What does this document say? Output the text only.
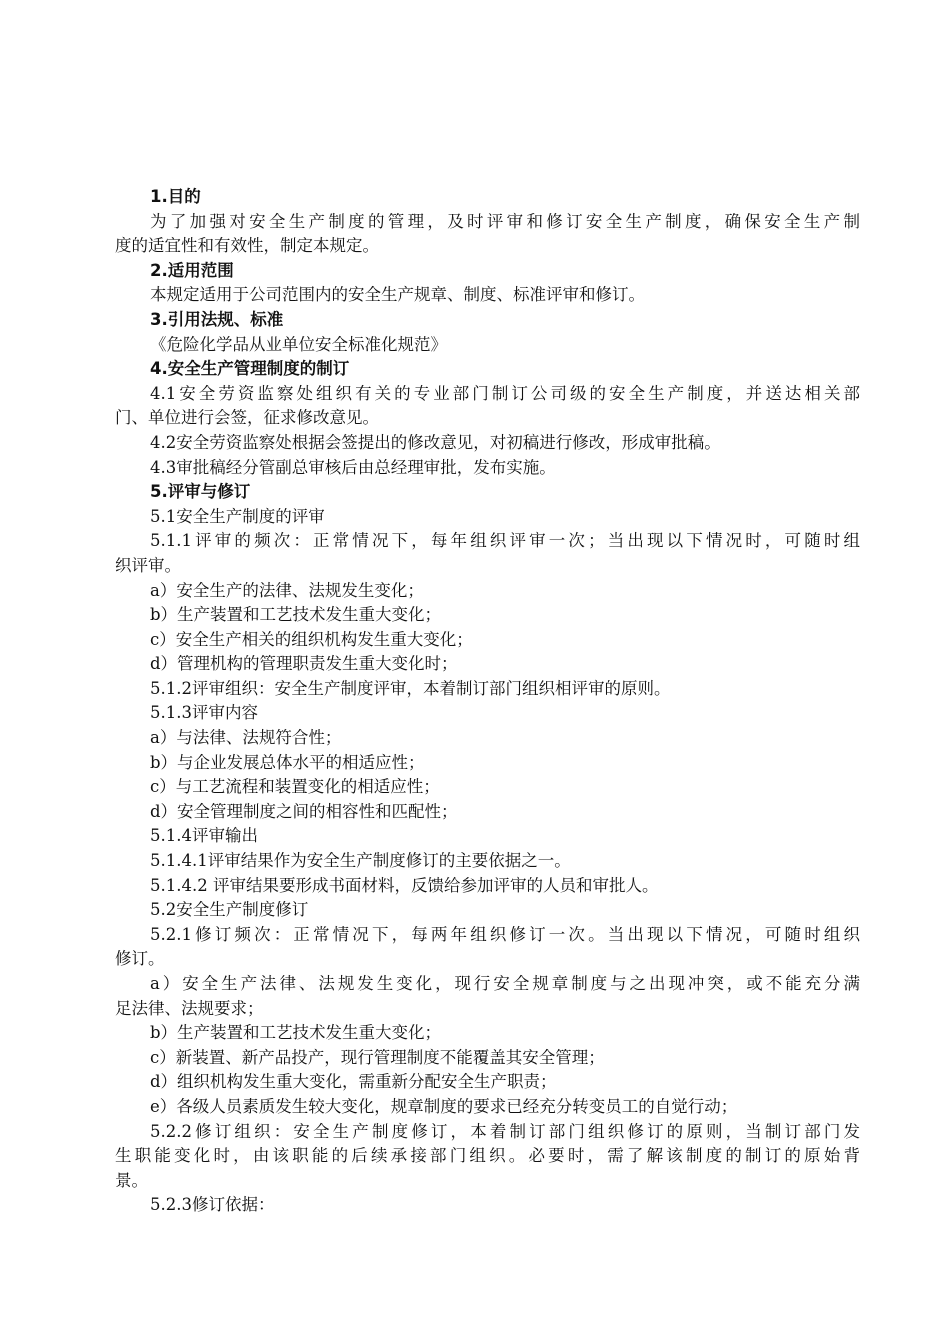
1.目的
为了加强对安全生产制度的管理，及时评审和修订安全生产制度，确保安全生产制
度的适宜性和有效性，制定本规定。
2.适用范围
本规定适用于公司范围内的安全生产规章、制度、标准评审和修订。
3.引用法规、标准
《危险化学品从业单位安全标准化规范》
4.安全生产管理制度的制订
4.1安全劳资监察处组织有关的专业部门制订公司级的安全生产制度，并送达相关部
门、单位进行会签，征求修改意见。
4.2安全劳资监察处根据会签提出的修改意见，对初稿进行修改，形成审批稿。
4.3审批稿经分管副总审核后由总经理审批，发布实施。
5.评审与修订
5.1安全生产制度的评审
5.1.1评审的频次：正常情况下，每年组织评审一次；当出现以下情况时，可随时组
织评审。
a）安全生产的法律、法规发生变化；
b）生产装置和工艺技术发生重大变化；
c）安全生产相关的组织机构发生重大变化；
d）管理机构的管理职责发生重大变化时；
5.1.2评审组织：安全生产制度评审，本着制订部门组织相评审的原则。
5.1.3评审内容
a）与法律、法规符合性；
b）与企业发展总体水平的相适应性；
c）与工艺流程和装置变化的相适应性；
d）安全管理制度之间的相容性和匹配性；
5.1.4评审输出
5.1.4.1评审结果作为安全生产制度修订的主要依据之一。
5.1.4.2 评审结果要形成书面材料，反馈给参加评审的人员和审批人。
5.2安全生产制度修订
5.2.1修订频次：正常情况下，每两年组织修订一次。当出现以下情况，可随时组织
修订。
a）安全生产法律、法规发生变化，现行安全规章制度与之出现冲突，或不能充分满
足法律、法规要求；
b）生产装置和工艺技术发生重大变化；
c）新装置、新产品投产，现行管理制度不能覆盖其安全管理；
d）组织机构发生重大变化，需重新分配安全生产职责；
e）各级人员素质发生较大变化，规章制度的要求已经充分转变员工的自觉行动；
5.2.2修订组织：安全生产制度修订，本着制订部门组织修订的原则，当制订部门发
生职能变化时，由该职能的后续承接部门组织。必要时，需了解该制度的制订的原始背
景。
5.2.3修订依据：
